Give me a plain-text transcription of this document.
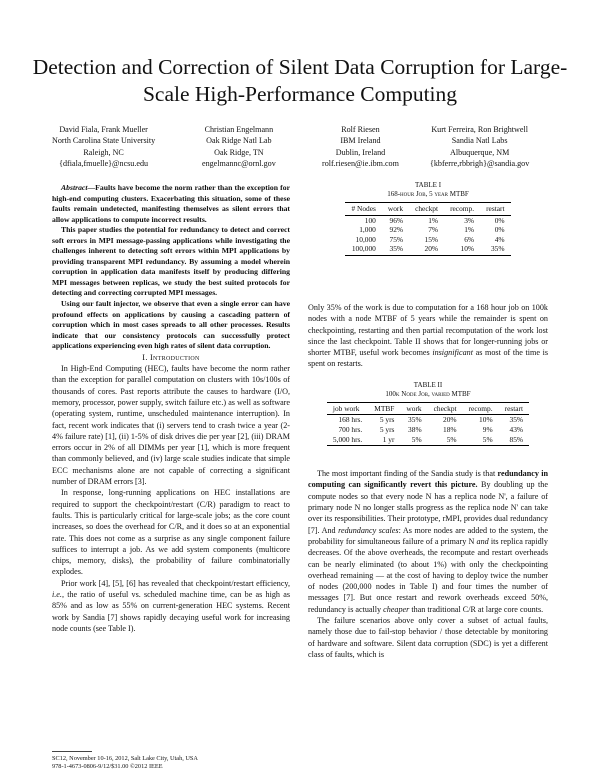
Detection and Correction of Silent Data Corruption for Large-Scale High-Performance Computing
David Fiala, Frank Mueller
North Carolina State University
Raleigh, NC
{dfiala,fmuelle}@ncsu.edu
Christian Engelmann
Oak Ridge Natl Lab
Oak Ridge, TN
engelmannc@ornl.gov
Rolf Riesen
IBM Ireland
Dublin, Ireland
rolf.riesen@ie.ibm.com
Kurt Ferreira, Ron Brightwell
Sandia Natl Labs
Albuquerque, NM
{kbferre,rbbrigh}@sandia.gov

Abstract—Faults have become the norm rather than the exception for high-end computing clusters. Exacerbating this situation, some of these faults remain undetected, manifesting themselves as silent errors that allow applications to compute incorrect results.

This paper studies the potential for redundancy to detect and correct soft errors in MPI message-passing applications while investigating the challenges inherent to detecting soft errors within MPI applications by providing transparent MPI redundancy. By assuming a model wherein corruption in application data manifests itself by producing differing MPI messages between replicas, we study the best suited protocols for detecting and correcting corrupted MPI messages.

Using our fault injector, we observe that even a single error can have profound effects on applications by causing a cascading pattern of corruption which in most cases spreads to all other processes. Results indicate that our consistency protocols can successfully protect applications experiencing even high rates of silent data corruption.

I. Introduction

In High-End Computing (HEC), faults have become the norm rather than the exception for parallel computation on clusters with 10s/100s of thousands of cores. Past reports attribute the causes to hardware (I/O, memory, processor, power supply, switch failure etc.) as well as software (operating system, runtime, unscheduled maintenance interruption). In fact, recent work indicates that (i) servers tend to crash twice a year (2-4% failure rate) [1], (ii) 1-5% of disk drives die per year [2], (iii) DRAM errors occur in 2% of all DIMMs per year [1], which is more frequent than commonly believed, and (iv) large scale studies indicate that simple ECC mechanisms alone are not capable of correcting a significant number of DRAM errors [3].

In response, long-running applications on HEC installations are required to support the checkpoint/restart (C/R) paradigm to react to faults. This is particularly critical for large-scale jobs; as the core count increases, so does the overhead for C/R, and it does so at an exponential rate. This does not come as a surprise as any single component failure suffices to interrupt a job. As we add system components (multicore chips, memory, disks), the probability of failure combinatorially explodes.

Prior work [4], [5], [6] has revealed that checkpoint/restart efficiency, i.e., the ratio of useful vs. scheduled machine time, can be as high as 85% and as low as 55% on current-generation HEC systems. Recent work by Sandia [7] shows rapidly decaying useful work for increasing node counts (see Table I).

TABLE I
168-hour Job, 5 year MTBF
# Nodes	work	checkpt	recomp.	restart
100	96%	1%	3%	0%
1,000	92%	7%	1%	0%
10,000	75%	15%	6%	4%
100,000	35%	20%	10%	35%

Only 35% of the work is due to computation for a 168 hour job on 100k nodes with a node MTBF of 5 years while the remainder is spent on checkpointing, restarting and then partial recomputation of the work lost since the last checkpoint. Table II shows that for longer-running jobs or shorter MTBF, useful work becomes insignificant as most of the time is spent on restarts.

TABLE II
100k Node Job, varied MTBF
job work	MTBF	work	checkpt	recomp.	restart
168 hrs.	5 yrs	35%	20%	10%	35%
700 hrs.	5 yrs	38%	18%	9%	43%
5,000 hrs.	1 yr	5%	5%	5%	85%

The most important finding of the Sandia study is that redundancy in computing can significantly revert this picture. By doubling up the compute nodes so that every node N has a replica node N', a failure of primary node N no longer stalls progress as the replica node N' can take over its responsibilities. Their prototype, rMPI, provides dual redundancy [7]. And redundancy scales: As more nodes are added to the system, the probability for simultaneous failure of a primary N and its replica rapidly decreases. Of the above overheads, the recompute and restart overheads can be nearly eliminated (to about 1%) with only the checkpointing overhead remaining — at the cost of having to deploy twice the number of nodes (200,000 nodes in Table I) and four times the number of messages [7]. But once restart and rework overheads exceed 50%, redundancy is actually cheaper than traditional C/R at large core counts.

The failure scenarios above only cover a subset of actual faults, namely those due to fail-stop behavior / those detectable by monitoring of hardware and software. Silent data corruption (SDC) is yet a different class of faults, which is

SC12, November 10-16, 2012, Salt Lake City, Utah, USA
978-1-4673-0806-9/12/$31.00 ©2012 IEEE
